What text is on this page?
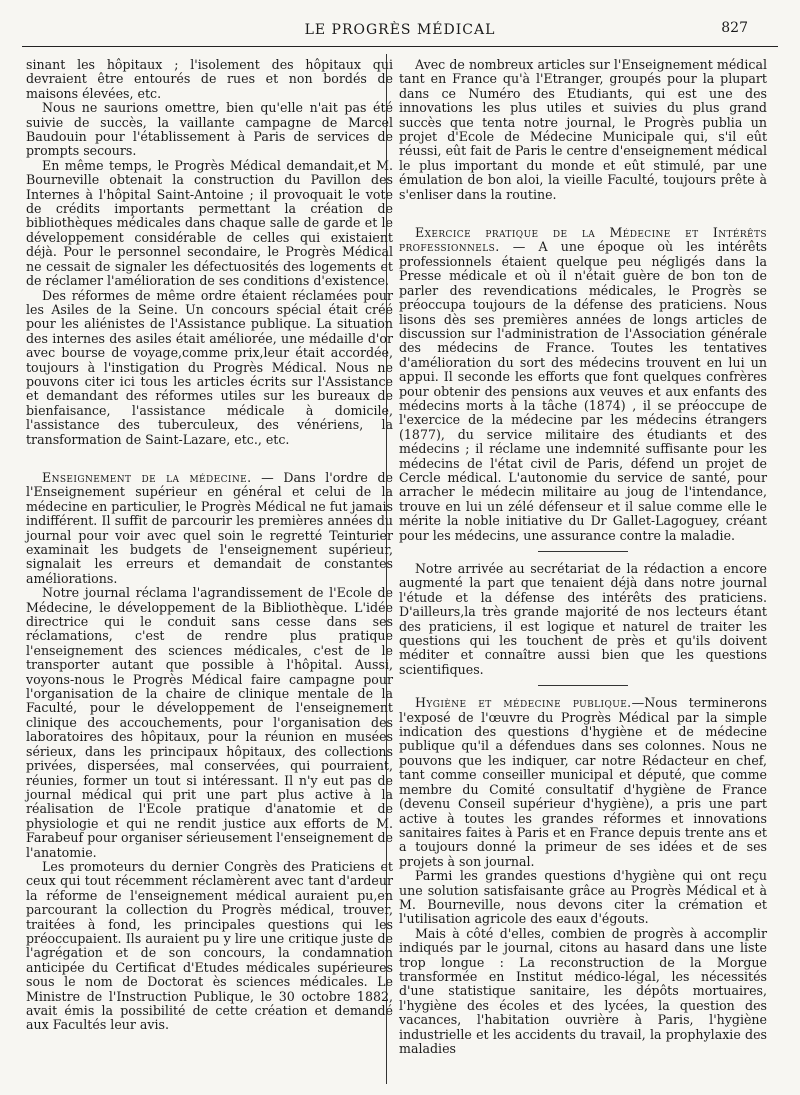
LE PROGRÈS MÉDICAL	827

sinant les hôpitaux ; l'isolement des hôpitaux qui devraient être entourés de rues et non bordés de maisons élevées, etc.

Nous ne saurions omettre, bien qu'elle n'ait pas été suivie de succès, la vaillante campagne de Marcel Baudouin pour l'établissement à Paris de services de prompts secours.

En même temps, le Progrès Médical demandait,et M. Bourneville obtenait la construction du Pavillon des Internes à l'hôpital Saint-Antoine ; il provoquait le vote de crédits importants permettant la création de bibliothèques médicales dans chaque salle de garde et le développement considérable de celles qui existaient déjà. Pour le personnel secondaire, le Progrès Médical ne cessait de signaler les défectuosités des logements et de réclamer l'amélioration de ses conditions d'existence.

Des réformes de même ordre étaient réclamées pour les Asiles de la Seine. Un concours spécial était créé pour les aliénistes de l'Assistance publique. La situation des internes des asiles était améliorée, une médaille d'or avec bourse de voyage,comme prix,leur était accordée, toujours à l'instigation du Progrès Médical. Nous ne pouvons citer ici tous les articles écrits sur l'Assistance et demandant des réformes utiles sur les bureaux de bienfaisance, l'assistance médicale à domicile, l'assistance des tuberculeux, des vénériens, la transformation de Saint-Lazare, etc., etc.

Enseignement de la médecine. — Dans l'ordre de l'Enseignement supérieur en général et celui de la médecine en particulier, le Progrès Médical ne fut jamais indifférent. Il suffit de parcourir les premières années du journal pour voir avec quel soin le regretté Teinturier examinait les budgets de l'enseignement supérieur, signalait les erreurs et demandait de constantes améliorations.

Notre journal réclama l'agrandissement de l'Ecole de Médecine, le développement de la Bibliothèque. L'idée directrice qui le conduit sans cesse dans ses réclamations, c'est de rendre plus pratique l'enseignement des sciences médicales, c'est de le transporter autant que possible à l'hôpital. Aussi, voyons-nous le Progrès Médical faire campagne pour l'organisation de la chaire de clinique mentale de la Faculté, pour le développement de l'enseignement clinique des accouchements, pour l'organisation des laboratoires des hôpitaux, pour la réunion en musées sérieux, dans les principaux hôpitaux, des collections privées, dispersées, mal conservées, qui pourraient, réunies, former un tout si intéressant. Il n'y eut pas de journal médical qui prit une part plus active à la réalisation de l'Ecole pratique d'anatomie et de physiologie et qui ne rendit justice aux efforts de M. Farabeuf pour organiser sérieusement l'enseignement de l'anatomie.

Les promoteurs du dernier Congrès des Praticiens et ceux qui tout récemment réclamèrent avec tant d'ardeur la réforme de l'enseignement médical auraient pu,en parcourant la collection du Progrès médical, trouver, traitées à fond, les principales questions qui les préoccupaient. Ils auraient pu y lire une critique juste de l'agrégation et de son concours, la condamnation anticipée du Certificat d'Etudes médicales supérieures sous le nom de Doctorat ès sciences médicales. Le Ministre de l'Instruction Publique, le 30 octobre 1882, avait émis la possibilité de cette création et demandé aux Facultés leur avis.

Avec de nombreux articles sur l'Enseignement médical tant en France qu'à l'Etranger, groupés pour la plupart dans ce Numéro des Etudiants, qui est une des innovations les plus utiles et suivies du plus grand succès que tenta notre journal, le Progrès publia un projet d'Ecole de Médecine Municipale qui, s'il eût réussi, eût fait de Paris le centre d'enseignement médical le plus important du monde et eût stimulé, par une émulation de bon aloi, la vieille Faculté, toujours prête à s'enliser dans la routine.

Exercice pratique de la Médecine et Intérêts professionnels. — A une époque où les intérêts professionnels étaient quelque peu négligés dans la Presse médicale et où il n'était guère de bon ton de parler des revendications médicales, le Progrès se préoccupa toujours de la défense des praticiens. Nous lisons dès ses premières années de longs articles de discussion sur l'administration de l'Association générale des médecins de France. Toutes les tentatives d'amélioration du sort des médecins trouvent en lui un appui. Il seconde les efforts que font quelques confrères pour obtenir des pensions aux veuves et aux enfants des médecins morts à la tâche (1874) , il se préoccupe de l'exercice de la médecine par les médecins étrangers (1877), du service militaire des étudiants et des médecins ; il réclame une indemnité suffisante pour les médecins de l'état civil de Paris, défend un projet de Cercle médical. L'autonomie du service de santé, pour arracher le médecin militaire au joug de l'intendance, trouve en lui un zélé défenseur et il salue comme elle le mérite la noble initiative du Dr Gallet-Lagoguey, créant pour les médecins, une assurance contre la maladie.

Notre arrivée au secrétariat de la rédaction a encore augmenté la part que tenaient déjà dans notre journal l'étude et la défense des intérêts des praticiens. D'ailleurs,la très grande majorité de nos lecteurs étant des praticiens, il est logique et naturel de traiter les questions qui les touchent de près et qu'ils doivent méditer et connaître aussi bien que les questions scientifiques.

Hygiène et médecine publique.—Nous terminerons l'exposé de l'œuvre du Progrès Médical par la simple indication des questions d'hygiène et de médecine publique qu'il a défendues dans ses colonnes. Nous ne pouvons que les indiquer, car notre Rédacteur en chef, tant comme conseiller municipal et député, que comme membre du Comité consultatif d'hygiène de France (devenu Conseil supérieur d'hygiène), a pris une part active à toutes les grandes réformes et innovations sanitaires faites à Paris et en France depuis trente ans et a toujours donné la primeur de ses idées et de ses projets à son journal.

Parmi les grandes questions d'hygiène qui ont reçu une solution satisfaisante grâce au Progrès Médical et à M. Bourneville, nous devons citer la crémation et l'utilisation agricole des eaux d'égouts.

Mais à côté d'elles, combien de progrès à accomplir indiqués par le journal, citons au hasard dans une liste trop longue : La reconstruction de la Morgue transformée en Institut médico-légal, les nécessités d'une statistique sanitaire, les dépôts mortuaires, l'hygiène des écoles et des lycées, la question des vacances, l'habitation ouvrière à Paris, l'hygiène industrielle et les accidents du travail, la prophylaxie des maladies
